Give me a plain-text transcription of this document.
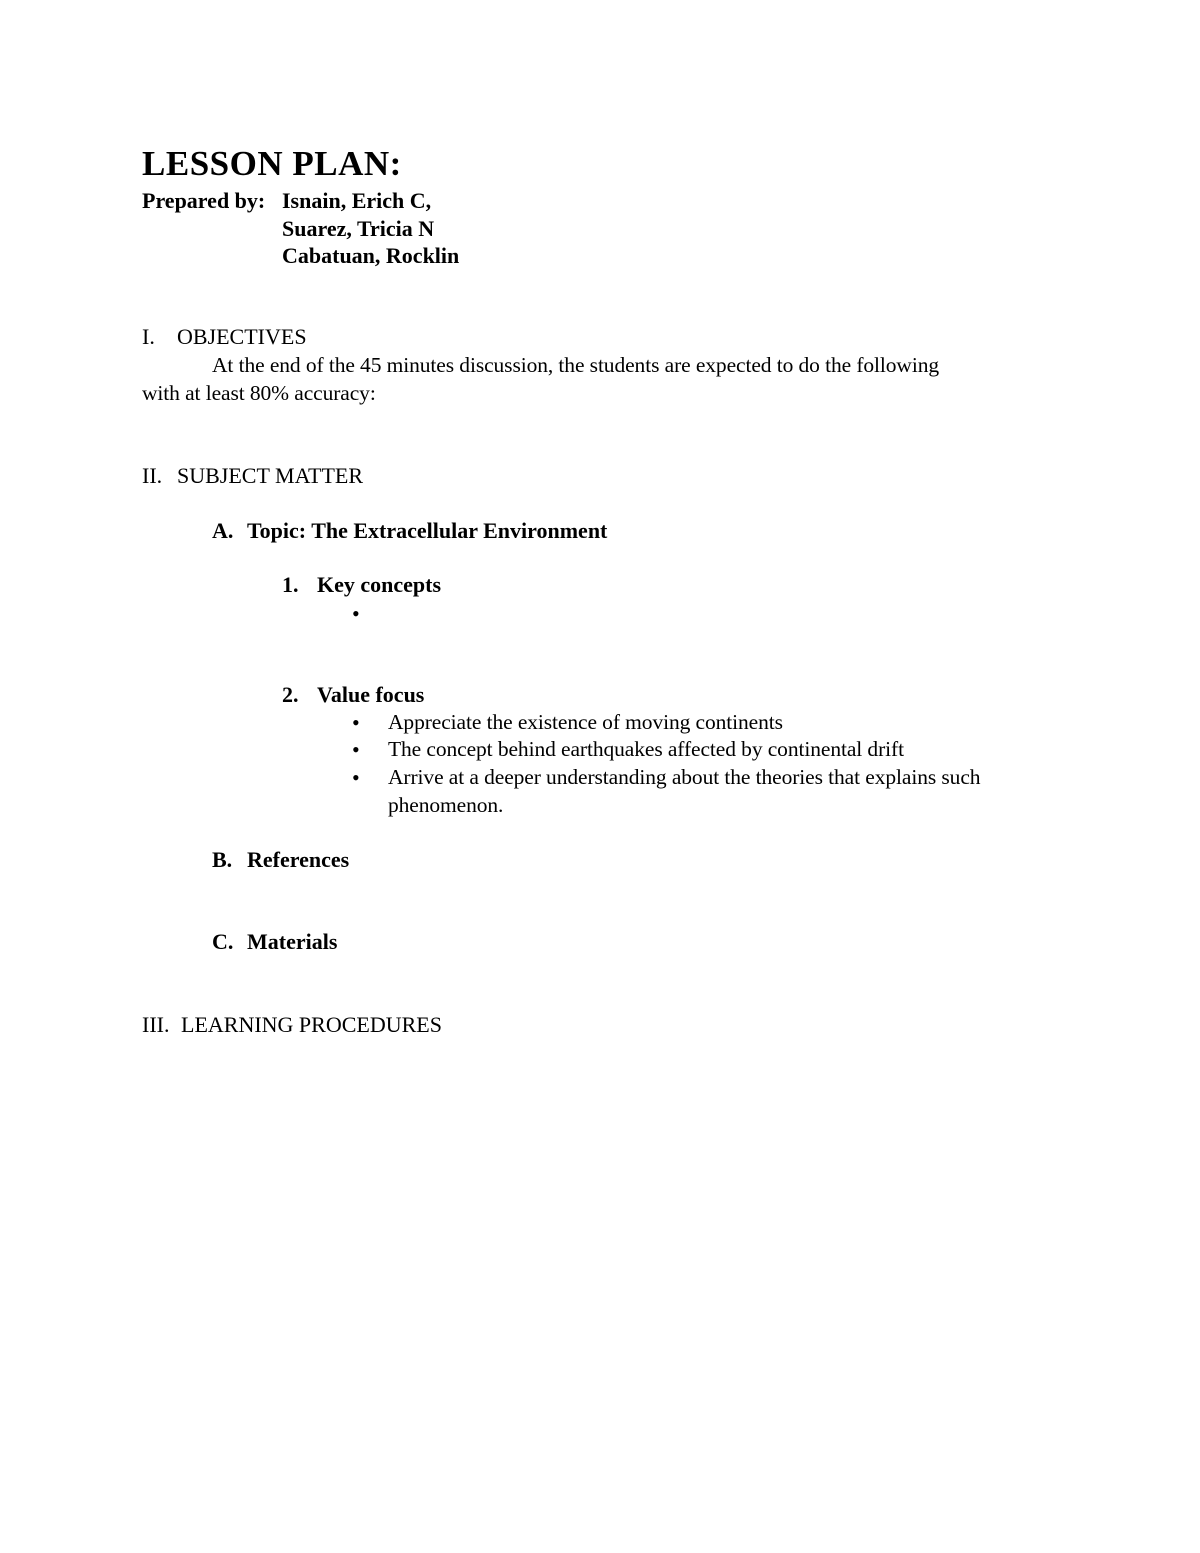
LESSON PLAN:
Prepared by: Isnain, Erich C,
Suarez, Tricia N
Cabatuan, Rocklin
I. OBJECTIVES
At the end of the 45 minutes discussion, the students are expected to do the following
with at least 80% accuracy:
II. SUBJECT MATTER
A. Topic: The Extracellular Environment
1. Key concepts
•
2. Value focus
• Appreciate the existence of moving continents
• The concept behind earthquakes affected by continental drift
• Arrive at a deeper understanding about the theories that explains such
phenomenon.
B. References
C. Materials
III. LEARNING PROCEDURES
